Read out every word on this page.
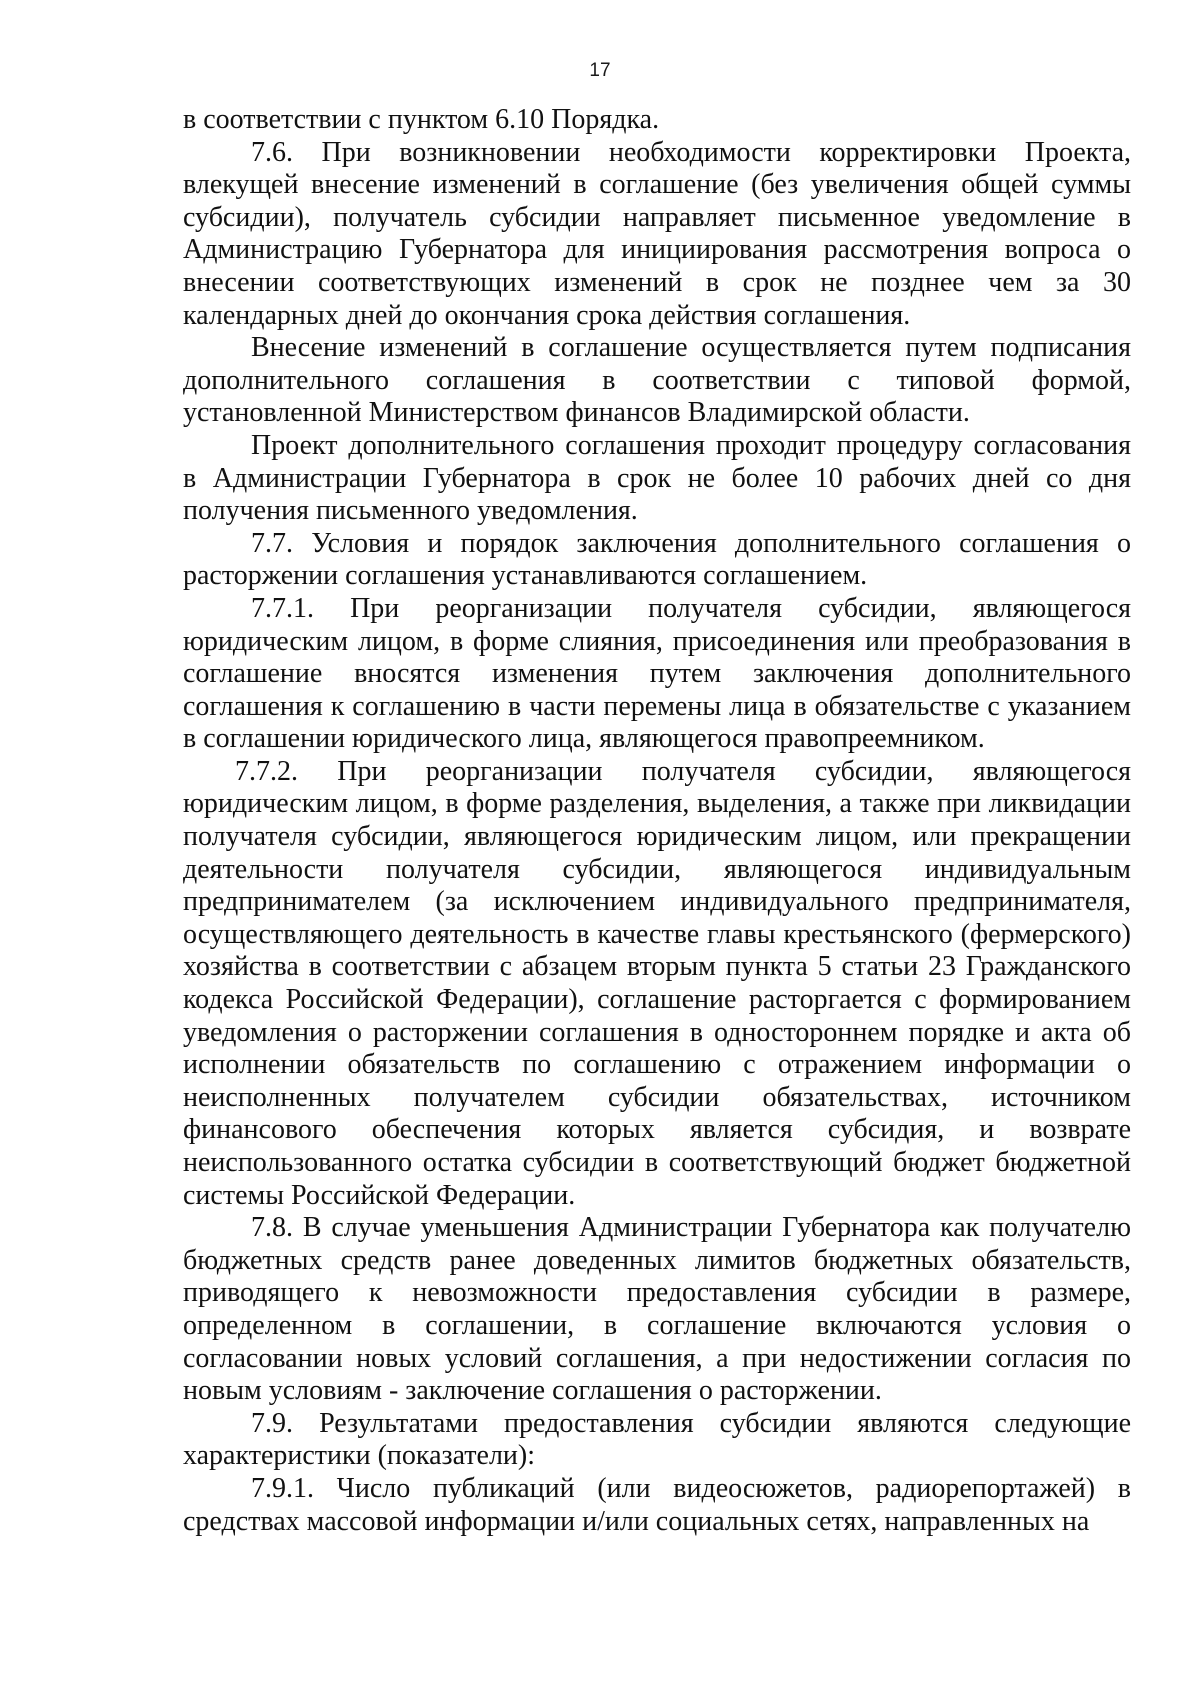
17

в соответствии с пунктом 6.10 Порядка.

7.6. При возникновении необходимости корректировки Проекта, влекущей внесение изменений в соглашение (без увеличения общей суммы субсидии), получатель субсидии направляет письменное уведомление в Администрацию Губернатора для инициирования рассмотрения вопроса о внесении соответствующих изменений в срок не позднее чем за 30 календарных дней до окончания срока действия соглашения.

Внесение изменений в соглашение осуществляется путем подписания дополнительного соглашения в соответствии с типовой формой, установленной Министерством финансов Владимирской области.

Проект дополнительного соглашения проходит процедуру согласования в Администрации Губернатора в срок не более 10 рабочих дней со дня получения письменного уведомления.

7.7. Условия и порядок заключения дополнительного соглашения о расторжении соглашения устанавливаются соглашением.

7.7.1. При реорганизации получателя субсидии, являющегося юридическим лицом, в форме слияния, присоединения или преобразования в соглашение вносятся изменения путем заключения дополнительного соглашения к соглашению в части перемены лица в обязательстве с указанием в соглашении юридического лица, являющегося правопреемником.

7.7.2. При реорганизации получателя субсидии, являющегося юридическим лицом, в форме разделения, выделения, а также при ликвидации получателя субсидии, являющегося юридическим лицом, или прекращении деятельности получателя субсидии, являющегося индивидуальным предпринимателем (за исключением индивидуального предпринимателя, осуществляющего деятельность в качестве главы крестьянского (фермерского) хозяйства в соответствии с абзацем вторым пункта 5 статьи 23 Гражданского кодекса Российской Федерации), соглашение расторгается с формированием уведомления о расторжении соглашения в одностороннем порядке и акта об исполнении обязательств по соглашению с отражением информации о неисполненных получателем субсидии обязательствах, источником финансового обеспечения которых является субсидия, и возврате неиспользованного остатка субсидии в соответствующий бюджет бюджетной системы Российской Федерации.

7.8. В случае уменьшения Администрации Губернатора как получателю бюджетных средств ранее доведенных лимитов бюджетных обязательств, приводящего к невозможности предоставления субсидии в размере, определенном в соглашении, в соглашение включаются условия о согласовании новых условий соглашения, а при недостижении согласия по новым условиям - заключение соглашения о расторжении.

7.9. Результатами предоставления субсидии являются следующие характеристики (показатели):

7.9.1. Число публикаций (или видеосюжетов, радиорепортажей) в средствах массовой информации и/или социальных сетях, направленных на
